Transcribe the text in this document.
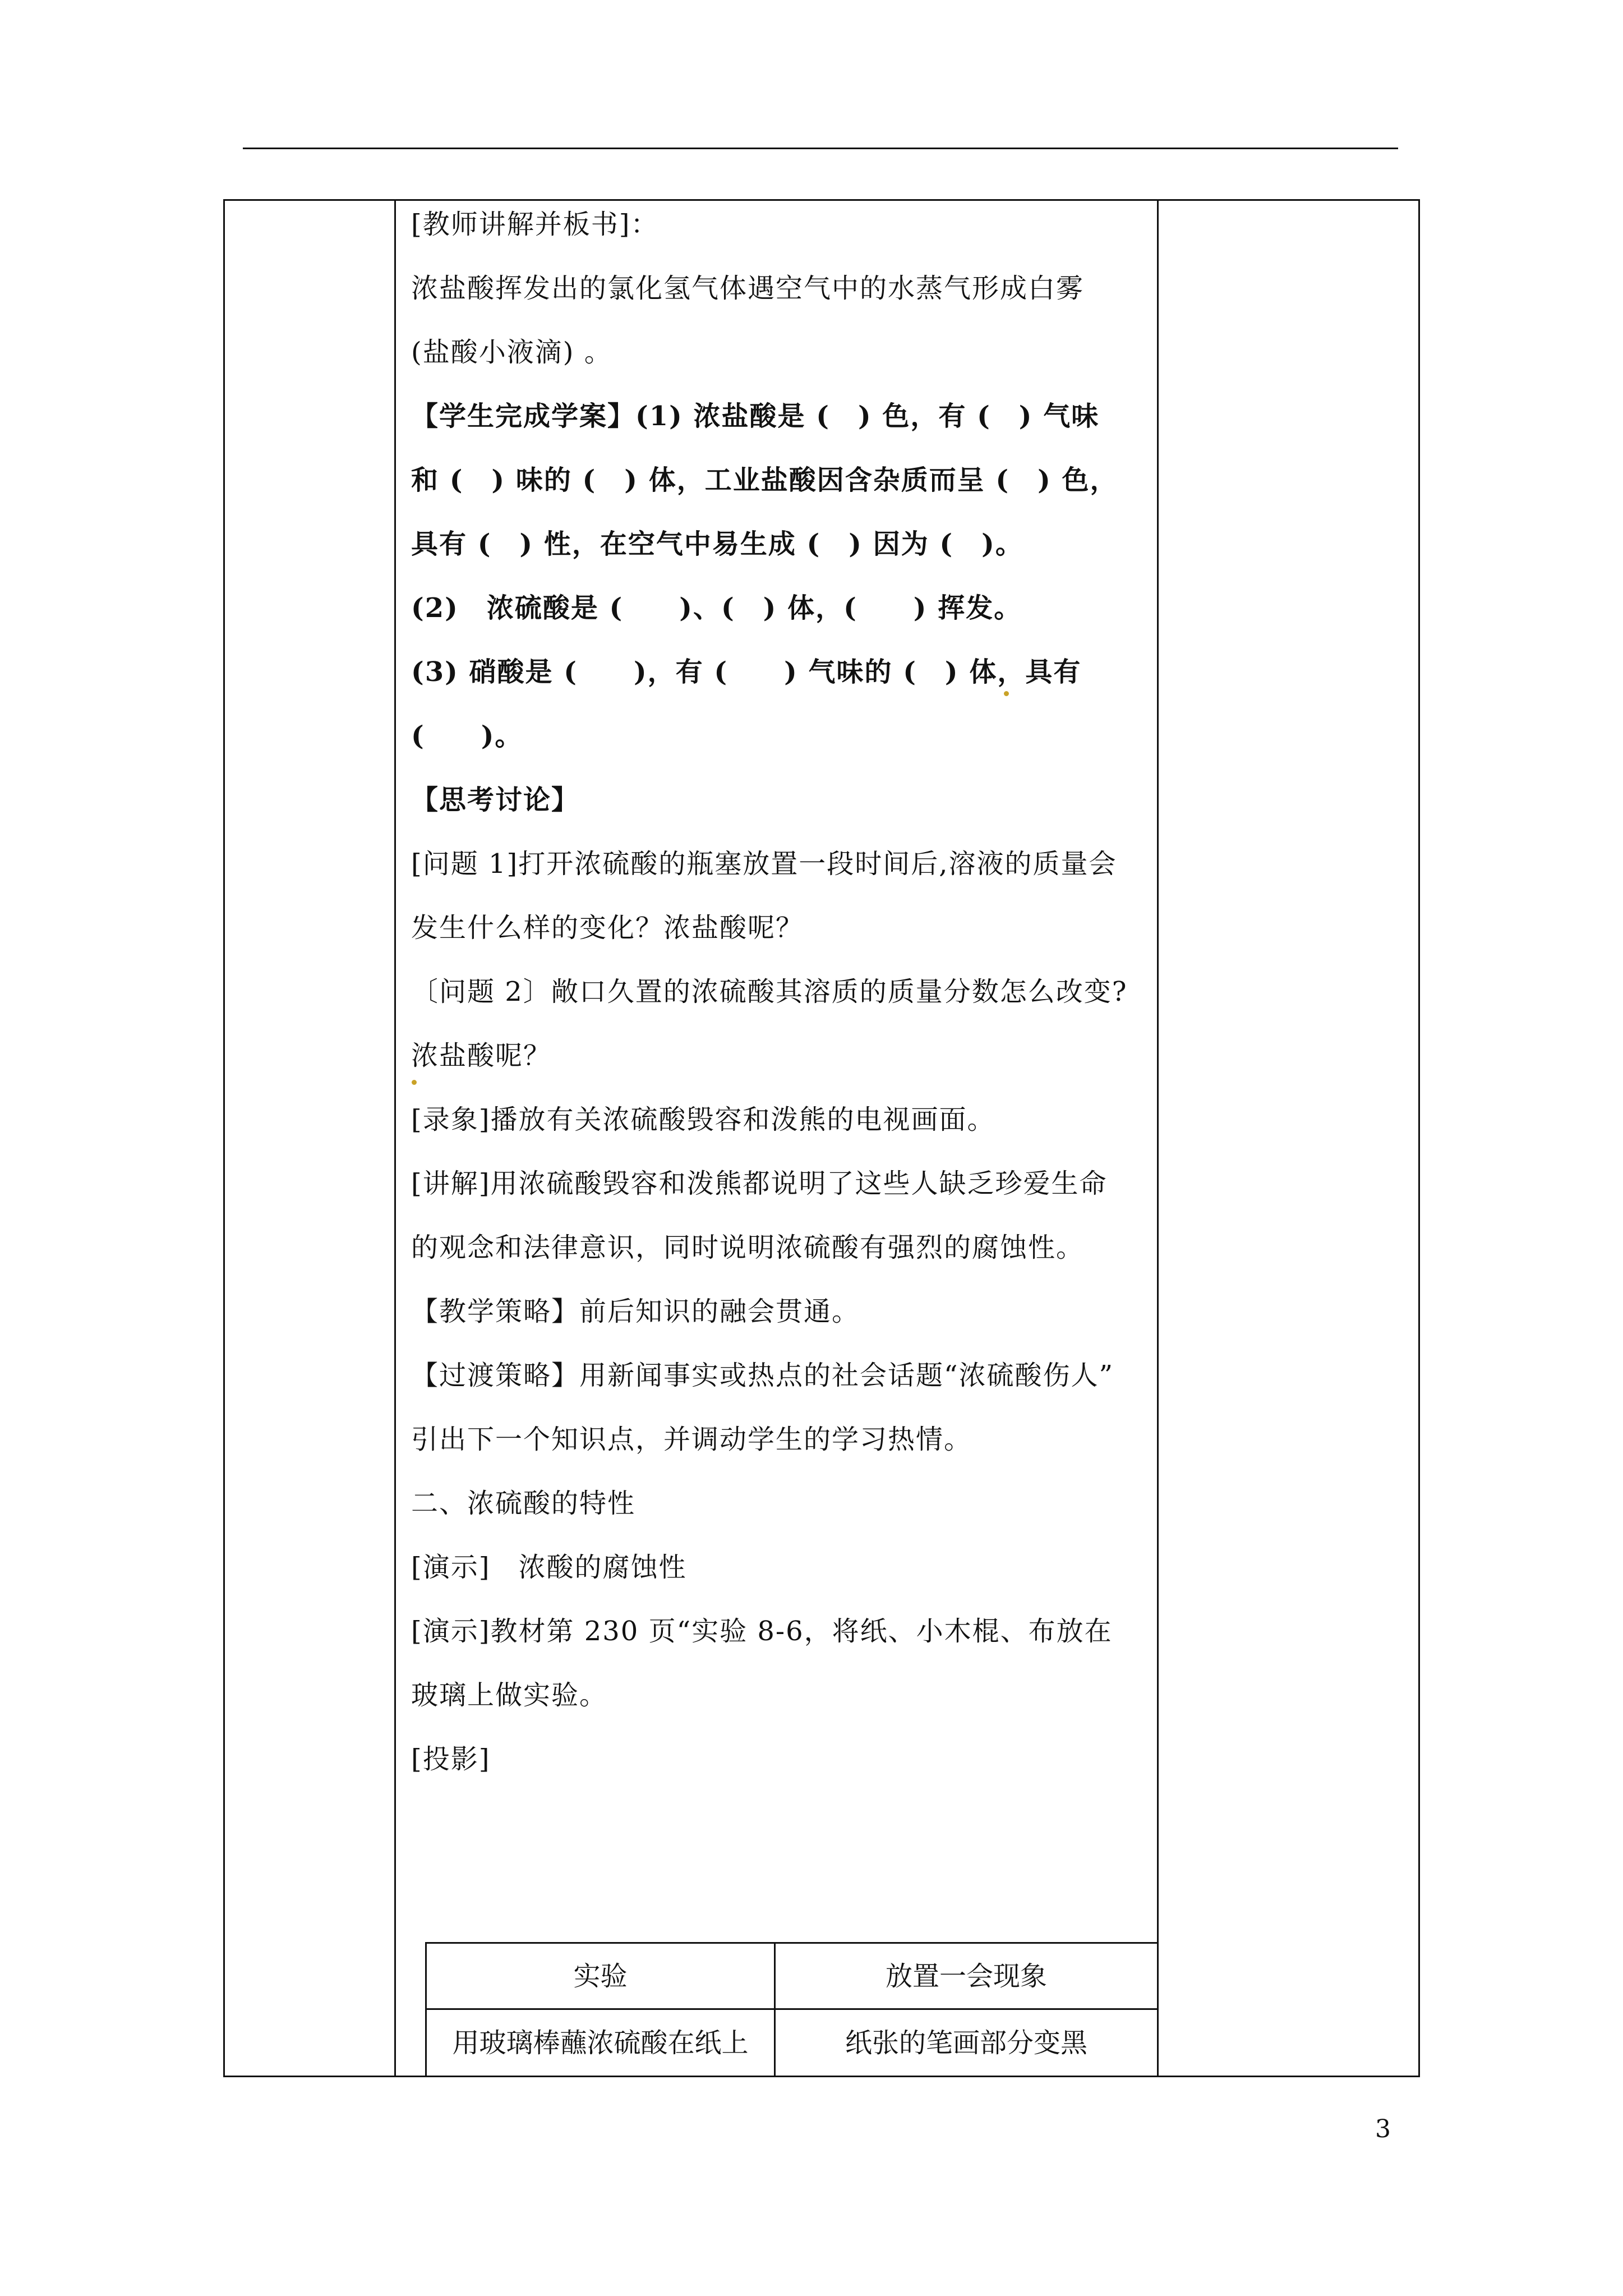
[教师讲解并板书]：
浓盐酸挥发出的氯化氢气体遇空气中的水蒸气形成白雾
(盐酸小液滴) 。
【学生完成学案】(1) 浓盐酸是 (　) 色，有 (　) 气味
和 (　) 味的 (　) 体，工业盐酸因含杂质而呈 (　) 色，
具有 (　) 性，在空气中易生成 (　) 因为 (　)。
(2)　浓硫酸是 (　　)、(　) 体，(　　) 挥发。
(3) 硝酸是 (　　)，有 (　　) 气味的 (　) 体，具有
(　　)。
【思考讨论】
[问题 1]打开浓硫酸的瓶塞放置一段时间后,溶液的质量会
发生什么样的变化？浓盐酸呢？
〔问题 2〕敞口久置的浓硫酸其溶质的质量分数怎么改变?
浓盐酸呢？
[录象]播放有关浓硫酸毁容和泼熊的电视画面。
[讲解]用浓硫酸毁容和泼熊都说明了这些人缺乏珍爱生命
的观念和法律意识，同时说明浓硫酸有强烈的腐蚀性。
【教学策略】前后知识的融会贯通。
【过渡策略】用新闻事实或热点的社会话题“浓硫酸伤人”
引出下一个知识点，并调动学生的学习热情。
二、浓硫酸的特性
[演示]　浓酸的腐蚀性
[演示]教材第 230 页“实验 8-6，将纸、小木棍、布放在
玻璃上做实验。
[投影]
实验	放置一会现象
用玻璃棒蘸浓硫酸在纸上	纸张的笔画部分变黑
3
